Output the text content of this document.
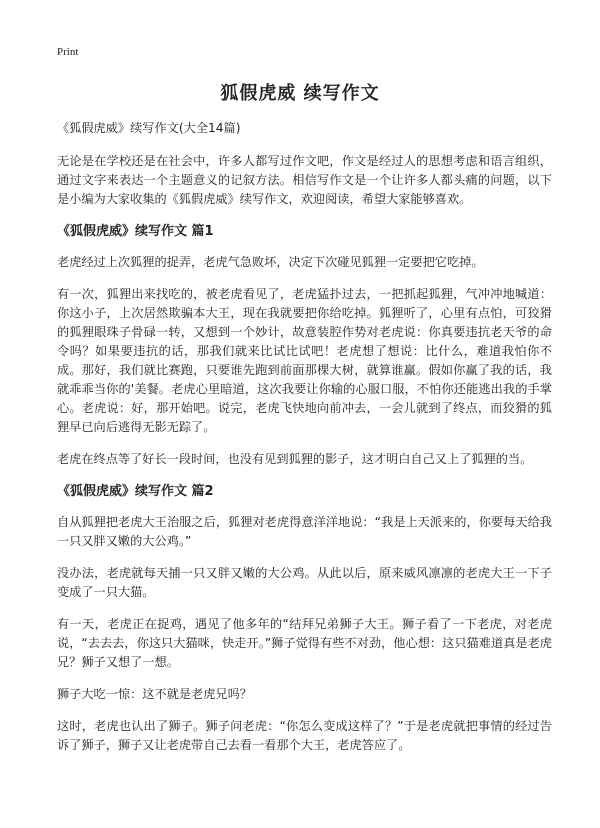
Print
狐假虎威 续写作文

《狐假虎威》续写作文(大全14篇)

无论是在学校还是在社会中，许多人都写过作文吧，作文是经过人的思想考虑和语言组织，通过文字来表达一个主题意义的记叙方法。相信写作文是一个让许多人都头痛的问题，以下是小编为大家收集的《狐假虎威》续写作文，欢迎阅读，希望大家能够喜欢。

《狐假虎威》续写作文 篇1

老虎经过上次狐狸的捉弄，老虎气急败坏，决定下次碰见狐狸一定要把它吃掉。

有一次，狐狸出来找吃的，被老虎看见了，老虎猛扑过去，一把抓起狐狸，气冲冲地喊道：你这小子，上次居然欺骗本大王，现在我就要把你给吃掉。狐狸听了，心里有点怕，可狡猾的狐狸眼珠子骨碌一转，又想到一个妙计，故意装腔作势对老虎说：你真要违抗老天爷的命令吗？如果要违抗的话，那我们就来比试比试吧！老虎想了想说：比什么，难道我怕你不成。那好，我们就比赛跑，只要谁先跑到前面那棵大树，就算谁赢。假如你赢了我的话，我就乖乖当你的'美餐。老虎心里暗道，这次我要让你输的心服口服，不怕你还能逃出我的手掌心。老虎说：好，那开始吧。说完，老虎飞快地向前冲去，一会儿就到了终点，而狡猾的狐狸早已向后逃得无影无踪了。

老虎在终点等了好长一段时间，也没有见到狐狸的影子，这才明白自己又上了狐狸的当。

《狐假虎威》续写作文 篇2

自从狐狸把老虎大王治服之后，狐狸对老虎得意洋洋地说：“我是上天派来的，你要每天给我一只又胖又嫩的大公鸡。”

没办法，老虎就每天捕一只又胖又嫩的大公鸡。从此以后，原来威风凛凛的老虎大王一下子变成了一只大猫。

有一天，老虎正在捉鸡，遇见了他多年的“结拜兄弟狮子大王。狮子看了一下老虎，对老虎说，“去去去，你这只大猫咪，快走开。”狮子觉得有些不对劲，他心想：这只猫难道真是老虎兄？狮子又想了一想。

狮子大吃一惊：这不就是老虎兄吗？

这时，老虎也认出了狮子。狮子问老虎：“你怎么变成这样了？”于是老虎就把事情的经过告诉了狮子，狮子又让老虎带自己去看一看那个大王，老虎答应了。
